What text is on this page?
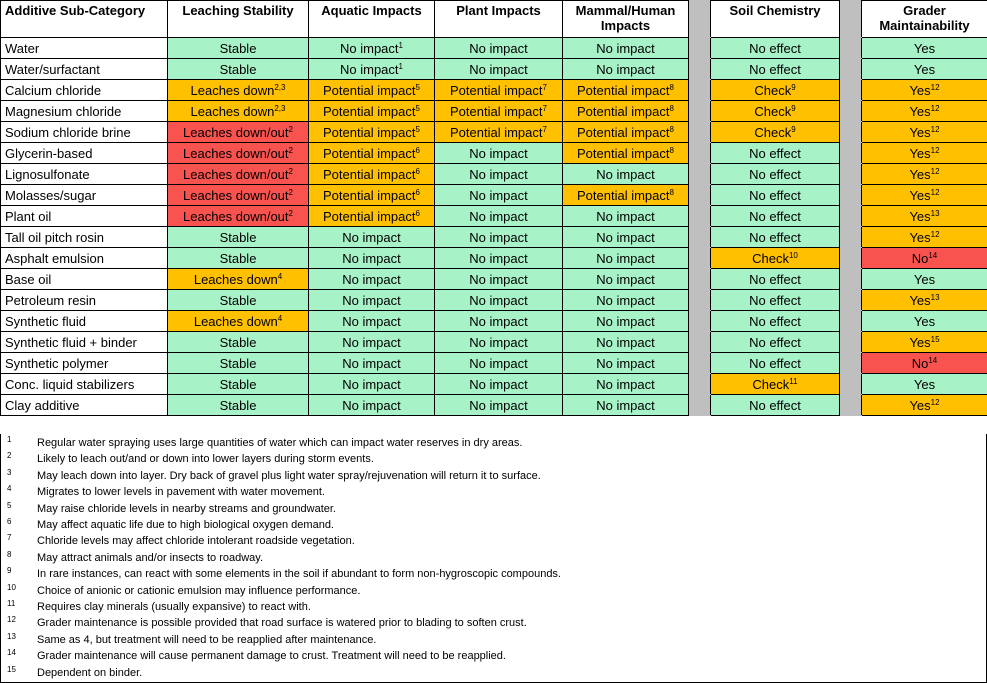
Additive Sub-Category	Leaching Stability	Aquatic Impacts	Plant Impacts	Mammal/Human Impacts		Soil Chemistry		Grader Maintainability
Water	Stable	No impact$^1$	No impact	No impact		No effect		Yes
Water/surfactant	Stable	No impact$^1$	No impact	No impact		No effect		Yes
Calcium chloride	Leaches down$^{2,3}$	Potential impact$^5$	Potential impact$^7$	Potential impact$^8$		Check$^9$		Yes$^{12}$
Magnesium chloride	Leaches down$^{2,3}$	Potential impact$^5$	Potential impact$^7$	Potential impact$^8$		Check$^9$		Yes$^{12}$
Sodium chloride brine	Leaches down/out$^2$	Potential impact$^5$	Potential impact$^7$	Potential impact$^8$		Check$^9$		Yes$^{12}$
Glycerin-based	Leaches down/out$^2$	Potential impact$^6$	No impact	Potential impact$^8$		No effect		Yes$^{12}$
Lignosulfonate	Leaches down/out$^2$	Potential impact$^6$	No impact	No impact		No effect		Yes$^{12}$
Molasses/sugar	Leaches down/out$^2$	Potential impact$^6$	No impact	Potential impact$^8$		No effect		Yes$^{12}$
Plant oil	Leaches down/out$^2$	Potential impact$^6$	No impact	No impact		No effect		Yes$^{13}$
Tall oil pitch rosin	Stable	No impact	No impact	No impact		No effect		Yes$^{12}$
Asphalt emulsion	Stable	No impact	No impact	No impact		Check$^{10}$		No$^{14}$
Base oil	Leaches down$^4$	No impact	No impact	No impact		No effect		Yes
Petroleum resin	Stable	No impact	No impact	No impact		No effect		Yes$^{13}$
Synthetic fluid	Leaches down$^4$	No impact	No impact	No impact		No effect		Yes
Synthetic fluid + binder	Stable	No impact	No impact	No impact		No effect		Yes$^{15}$
Synthetic polymer	Stable	No impact	No impact	No impact		No effect		No$^{14}$
Conc. liquid stabilizers	Stable	No impact	No impact	No impact		Check$^{11}$		Yes
Clay additive	Stable	No impact	No impact	No impact		No effect		Yes$^{12}$
1 Regular water spraying uses large quantities of water which can impact water reserves in dry areas.
2 Likely to leach out/and or down into lower layers during storm events.
3 May leach down into layer. Dry back of gravel plus light water spray/rejuvenation will return it to surface.
4 Migrates to lower levels in pavement with water movement.
5 May raise chloride levels in nearby streams and groundwater.
6 May affect aquatic life due to high biological oxygen demand.
7 Chloride levels may affect chloride intolerant roadside vegetation.
8 May attract animals and/or insects to roadway.
9 In rare instances, can react with some elements in the soil if abundant to form non-hygroscopic compounds.
10 Choice of anionic or cationic emulsion may influence performance.
11 Requires clay minerals (usually expansive) to react with.
12 Grader maintenance is possible provided that road surface is watered prior to blading to soften crust.
13 Same as 4, but treatment will need to be reapplied after maintenance.
14 Grader maintenance will cause permanent damage to crust. Treatment will need to be reapplied.
15 Dependent on binder.
